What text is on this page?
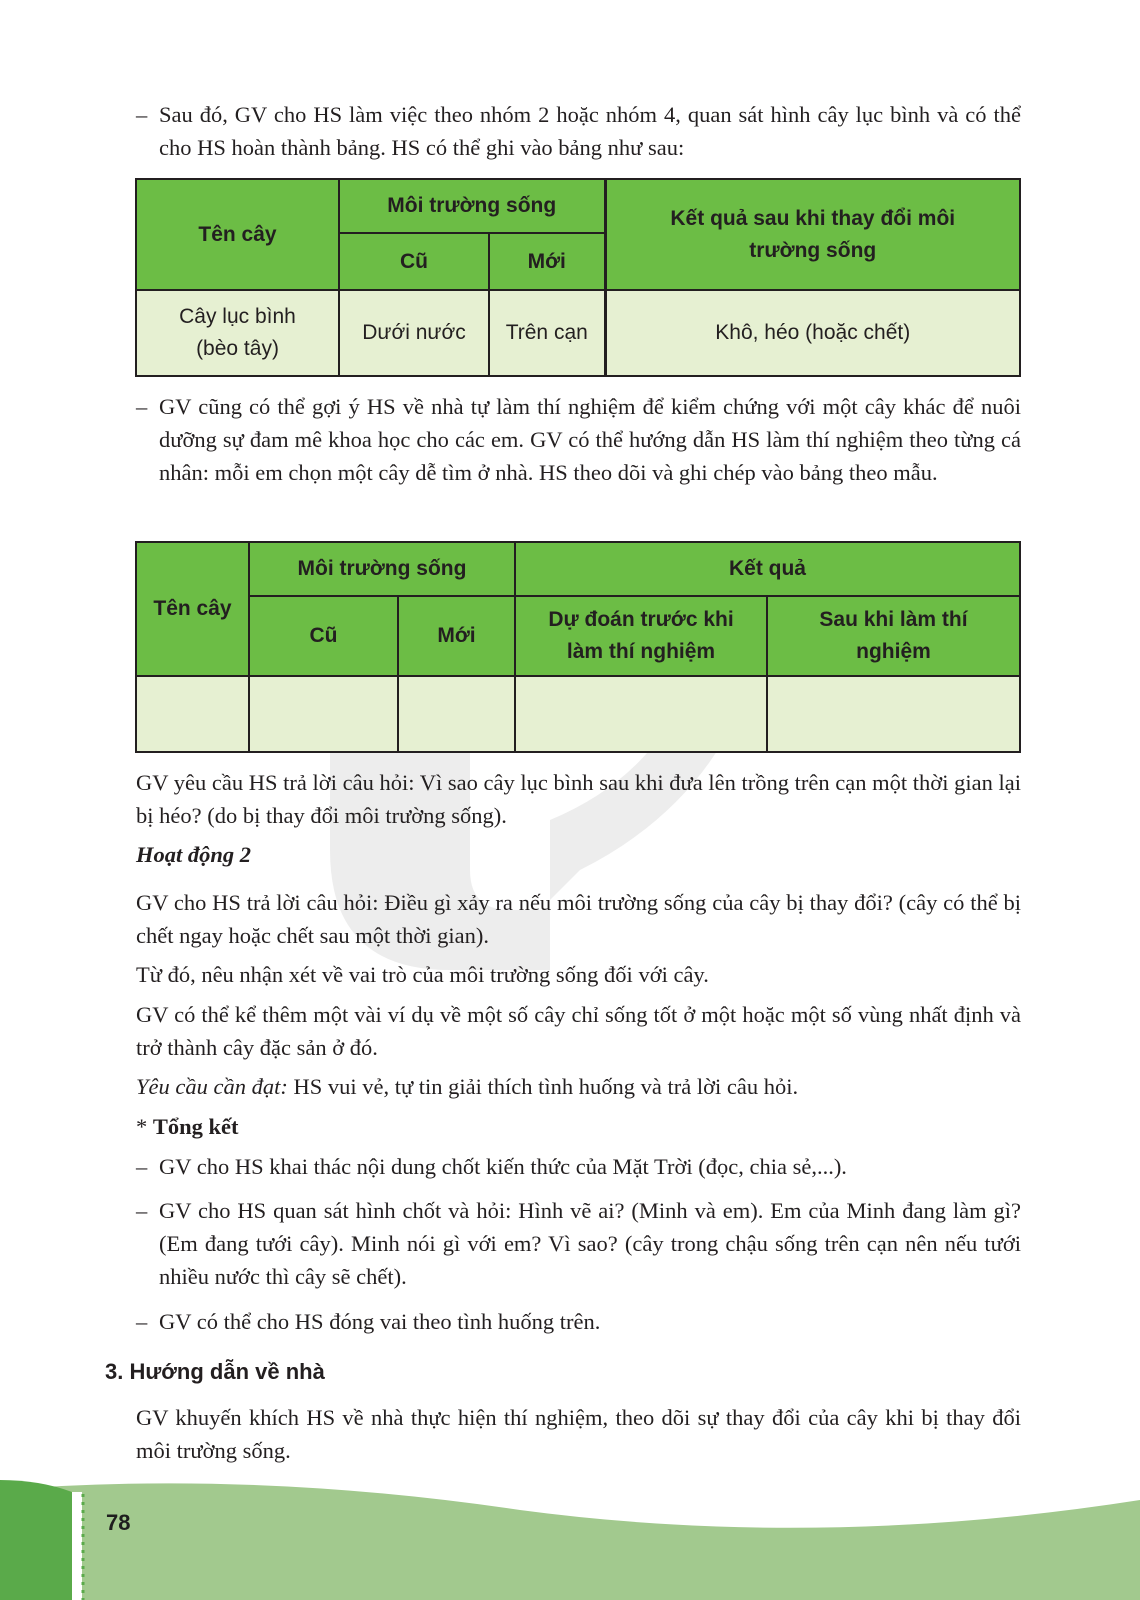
– Sau đó, GV cho HS làm việc theo nhóm 2 hoặc nhóm 4, quan sát hình cây lục bình và có thể cho HS hoàn thành bảng. HS có thể ghi vào bảng như sau:
Tên cây	Môi trường sống		Kết quả sau khi thay đổi môi trường sống
	Cũ	Mới	
Cây lục bình (bèo tây)	Dưới nước	Trên cạn	Khô, héo (hoặc chết)
– GV cũng có thể gợi ý HS về nhà tự làm thí nghiệm để kiểm chứng với một cây khác để nuôi dưỡng sự đam mê khoa học cho các em. GV có thể hướng dẫn HS làm thí nghiệm theo từng cá nhân: mỗi em chọn một cây dễ tìm ở nhà. HS theo dõi và ghi chép vào bảng theo mẫu.
Tên cây	Môi trường sống		Kết quả	
	Cũ	Mới	Dự đoán trước khi làm thí nghiệm	Sau khi làm thí nghiệm

GV yêu cầu HS trả lời câu hỏi: Vì sao cây lục bình sau khi đưa lên trồng trên cạn một thời gian lại bị héo? (do bị thay đổi môi trường sống).

Hoạt động 2

GV cho HS trả lời câu hỏi: Điều gì xảy ra nếu môi trường sống của cây bị thay đổi? (cây có thể bị chết ngay hoặc chết sau một thời gian).

Từ đó, nêu nhận xét về vai trò của môi trường sống đối với cây.

GV có thể kể thêm một vài ví dụ về một số cây chỉ sống tốt ở một hoặc một số vùng nhất định và trở thành cây đặc sản ở đó.

Yêu cầu cần đạt: HS vui vẻ, tự tin giải thích tình huống và trả lời câu hỏi.

* Tổng kết
– GV cho HS khai thác nội dung chốt kiến thức của Mặt Trời (đọc, chia sẻ,...).
– GV cho HS quan sát hình chốt và hỏi: Hình vẽ ai? (Minh và em). Em của Minh đang làm gì? (Em đang tưới cây). Minh nói gì với em? Vì sao? (cây trong chậu sống trên cạn nên nếu tưới nhiều nước thì cây sẽ chết).
– GV có thể cho HS đóng vai theo tình huống trên.
3. Hướng dẫn về nhà

GV khuyến khích HS về nhà thực hiện thí nghiệm, theo dõi sự thay đổi của cây khi bị thay đổi môi trường sống.

78
